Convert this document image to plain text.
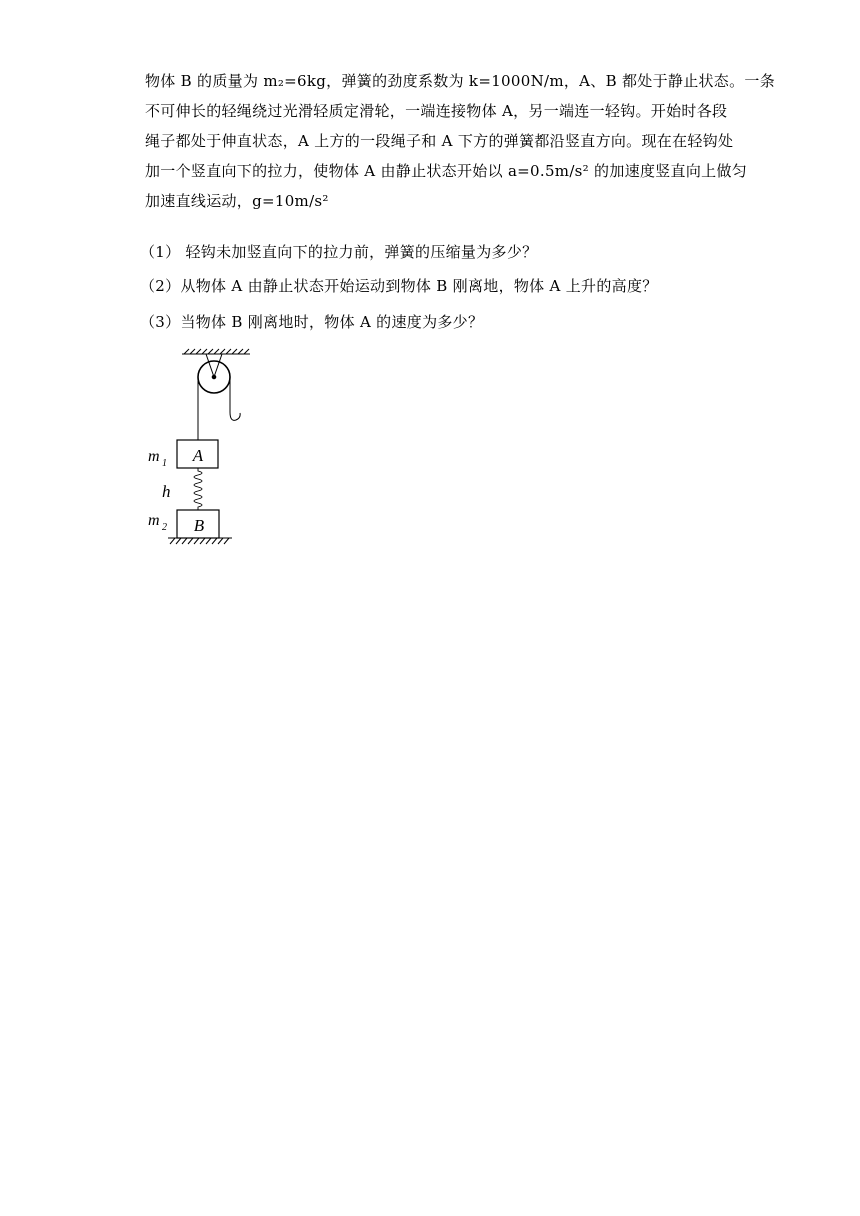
物体 B 的质量为 m₂=6kg，弹簧的劲度系数为 k=1000N/m，A、B 都处于静止状态。一条
不可伸长的轻绳绕过光滑轻质定滑轮，一端连接物体 A，另一端连一轻钩。开始时各段
绳子都处于伸直状态，A 上方的一段绳子和 A 下方的弹簧都沿竖直方向。现在在轻钩处
加一个竖直向下的拉力，使物体 A 由静止状态开始以 a=0.5m/s² 的加速度竖直向上做匀
加速直线运动，g=10m/s²
（1） 轻钩未加竖直向下的拉力前，弹簧的压缩量为多少？
（2）从物体 A 由静止状态开始运动到物体 B 刚离地，物体 A 上升的高度？
（3）当物体 B 刚离地时，物体 A 的速度为多少？
A
B
m 1
h
m 2
